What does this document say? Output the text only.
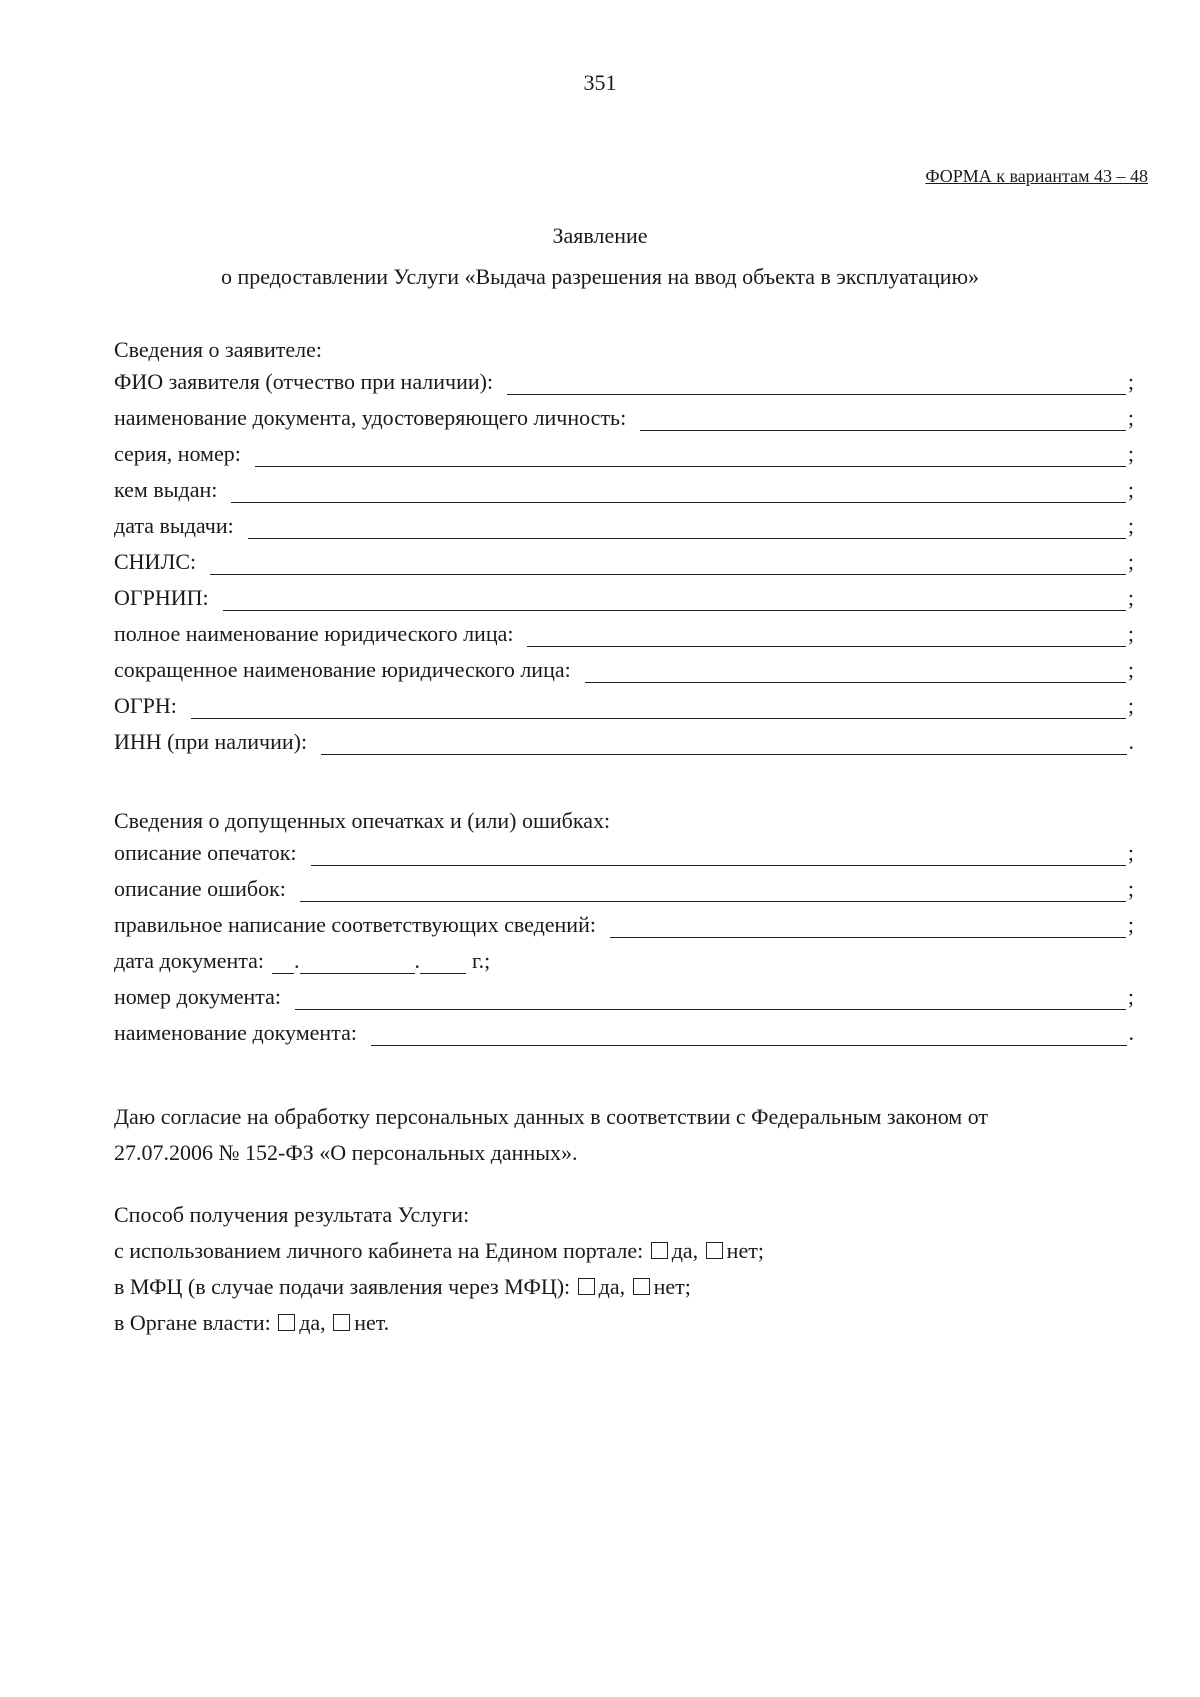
351
ФОРМА к вариантам 43 – 48
Заявление
о предоставлении Услуги «Выдача разрешения на ввод объекта в эксплуатацию»
Сведения о заявителе:
ФИО заявителя (отчество при наличии):	;
наименование документа, удостоверяющего личность:	;
серия, номер:	;
кем выдан:	;
дата выдачи:	;
СНИЛС:	;
ОГРНИП:	;
полное наименование юридического лица:	;
сокращенное наименование юридического лица:	;
ОГРН:	;
ИНН (при наличии):	.
Сведения о допущенных опечатках и (или) ошибках:
описание опечаток:	;
описание ошибок:	;
правильное написание соответствующих сведений:	;
дата документа:	.	. г.;
номер документа:	;
наименование документа:	.
Даю согласие на обработку персональных данных в соответствии с Федеральным законом от
27.07.2006 № 152-ФЗ «О персональных данных».
Способ получения результата Услуги:
с использованием личного кабинета на Едином портале: да, нет;
в МФЦ (в случае подачи заявления через МФЦ): да, нет;
в Органе власти: да, нет.
